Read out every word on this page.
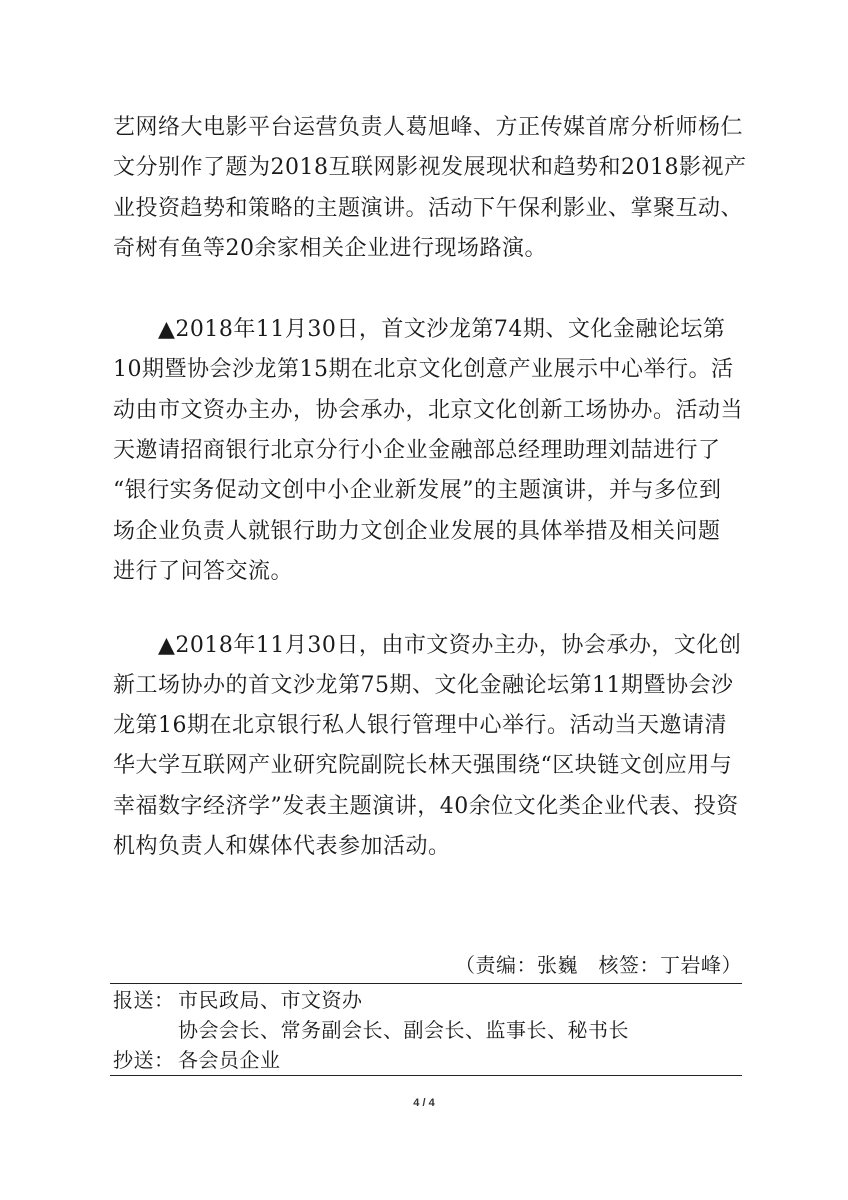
艺网络大电影平台运营负责人葛旭峰、方正传媒首席分析师杨仁
文分别作了题为2018互联网影视发展现状和趋势和2018影视产
业投资趋势和策略的主题演讲。活动下午保利影业、掌聚互动、
奇树有鱼等20余家相关企业进行现场路演。
▲2018年11月30日，首文沙龙第74期、文化金融论坛第
10期暨协会沙龙第15期在北京文化创意产业展示中心举行。活
动由市文资办主办，协会承办，北京文化创新工场协办。活动当
天邀请招商银行北京分行小企业金融部总经理助理刘喆进行了
“银行实务促动文创中小企业新发展”的主题演讲，并与多位到
场企业负责人就银行助力文创企业发展的具体举措及相关问题
进行了问答交流。
▲2018年11月30日，由市文资办主办，协会承办，文化创
新工场协办的首文沙龙第75期、文化金融论坛第11期暨协会沙
龙第16期在北京银行私人银行管理中心举行。活动当天邀请清
华大学互联网产业研究院副院长林天强围绕“区块链文创应用与
幸福数字经济学”发表主题演讲，40余位文化类企业代表、投资
机构负责人和媒体代表参加活动。
（责编：张巍　核签：丁岩峰）
报送： 市民政局、市文资办
协会会长、常务副会长、副会长、监事长、秘书长
抄送： 各会员企业
4 / 4
